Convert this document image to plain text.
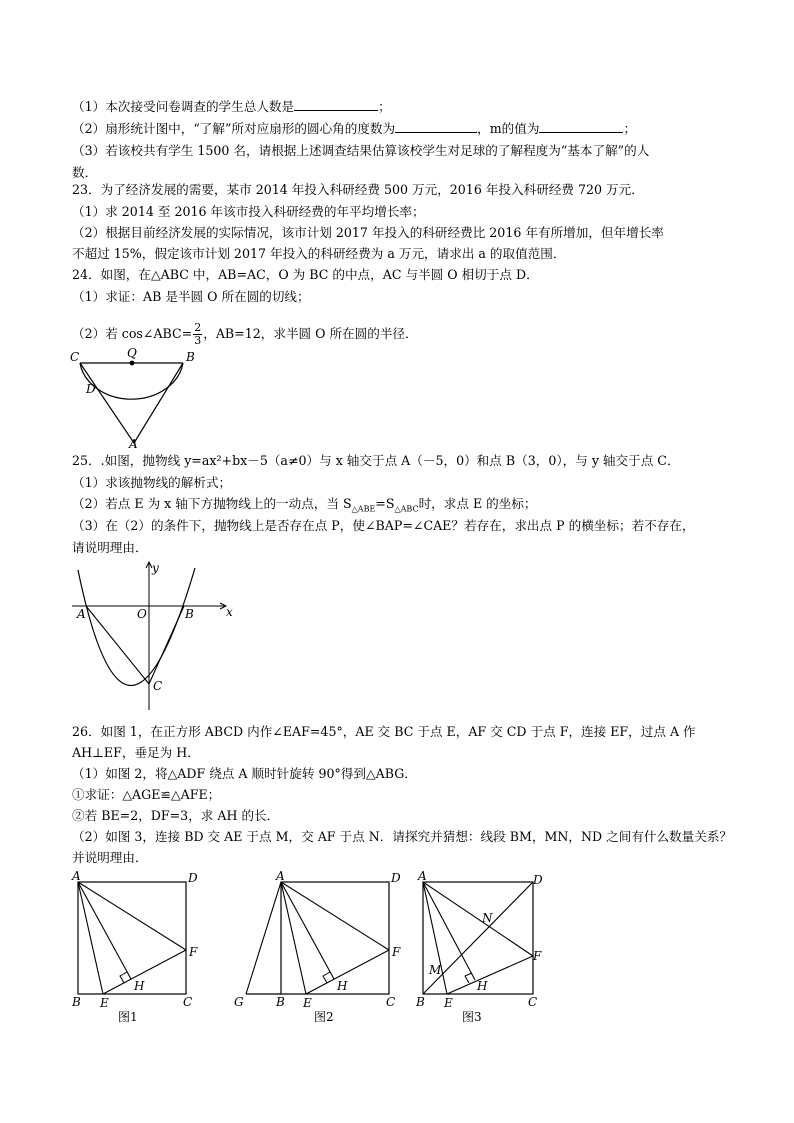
（1）本次接受问卷调查的学生总人数是	；
（2）扇形统计图中，“了解”所对应扇形的圆心角的度数为	，m的值为	；
（3）若该校共有学生 1500 名，请根据上述调查结果估算该校学生对足球的了解程度为“基本了解”的人
数．
23．为了经济发展的需要，某市 2014 年投入科研经费 500 万元，2016 年投入科研经费 720 万元．
（1）求 2014 至 2016 年该市投入科研经费的年平均增长率；
（2）根据目前经济发展的实际情况，该市计划 2017 年投入的科研经费比 2016 年有所增加，但年增长率
不超过 15%，假定该市计划 2017 年投入的科研经费为 a 万元，请求出 a 的取值范围．
24．如图，在△ABC 中，AB=AC，O 为 BC 的中点，AC 与半圆 O 相切于点 D．
（1）求证：AB 是半圆 O 所在圆的切线；
（2）若 cos∠ABC= $\frac{2}{3}$ ，AB=12，求半圆 O 所在圆的半径．
C	Q	B
D
A
25．.如图，抛物线 y=ax²+bx－5（a≠0）与 x 轴交于点 A（－5，0）和点 B（3，0），与 y 轴交于点 C．
（1）求该抛物线的解析式；
（2）若点 E 为 x 轴下方抛物线上的一动点，当 $S_{\triangle ABE}=S_{\triangle ABC}$时，求点 E 的坐标；
（3）在（2）的条件下，抛物线上是否存在点 P，使∠BAP=∠CAE？若存在，求出点 P 的横坐标；若不存在，
请说明理由．
y
x
A	O	B
C
26．如图 1，在正方形 ABCD 内作∠EAF=45°，AE 交 BC 于点 E，AF 交 CD 于点 F，连接 EF，过点 A 作
AH⊥EF，垂足为 H．
（1）如图 2，将△ADF 绕点 A 顺时针旋转 90°得到△ABG．
①求证：△AGE≌△AFE；
②若 BE=2，DF=3，求 AH 的长．
（2）如图 3，连接 BD 交 AE 于点 M，交 AF 于点 N．请探究并猜想：线段 BM，MN，ND 之间有什么数量关系？
并说明理由．
A	D
F
H
B E	C
图1
A	D
F
H
G	B E	C
图2
A	D
N
F
M
H
B E	C
图3
